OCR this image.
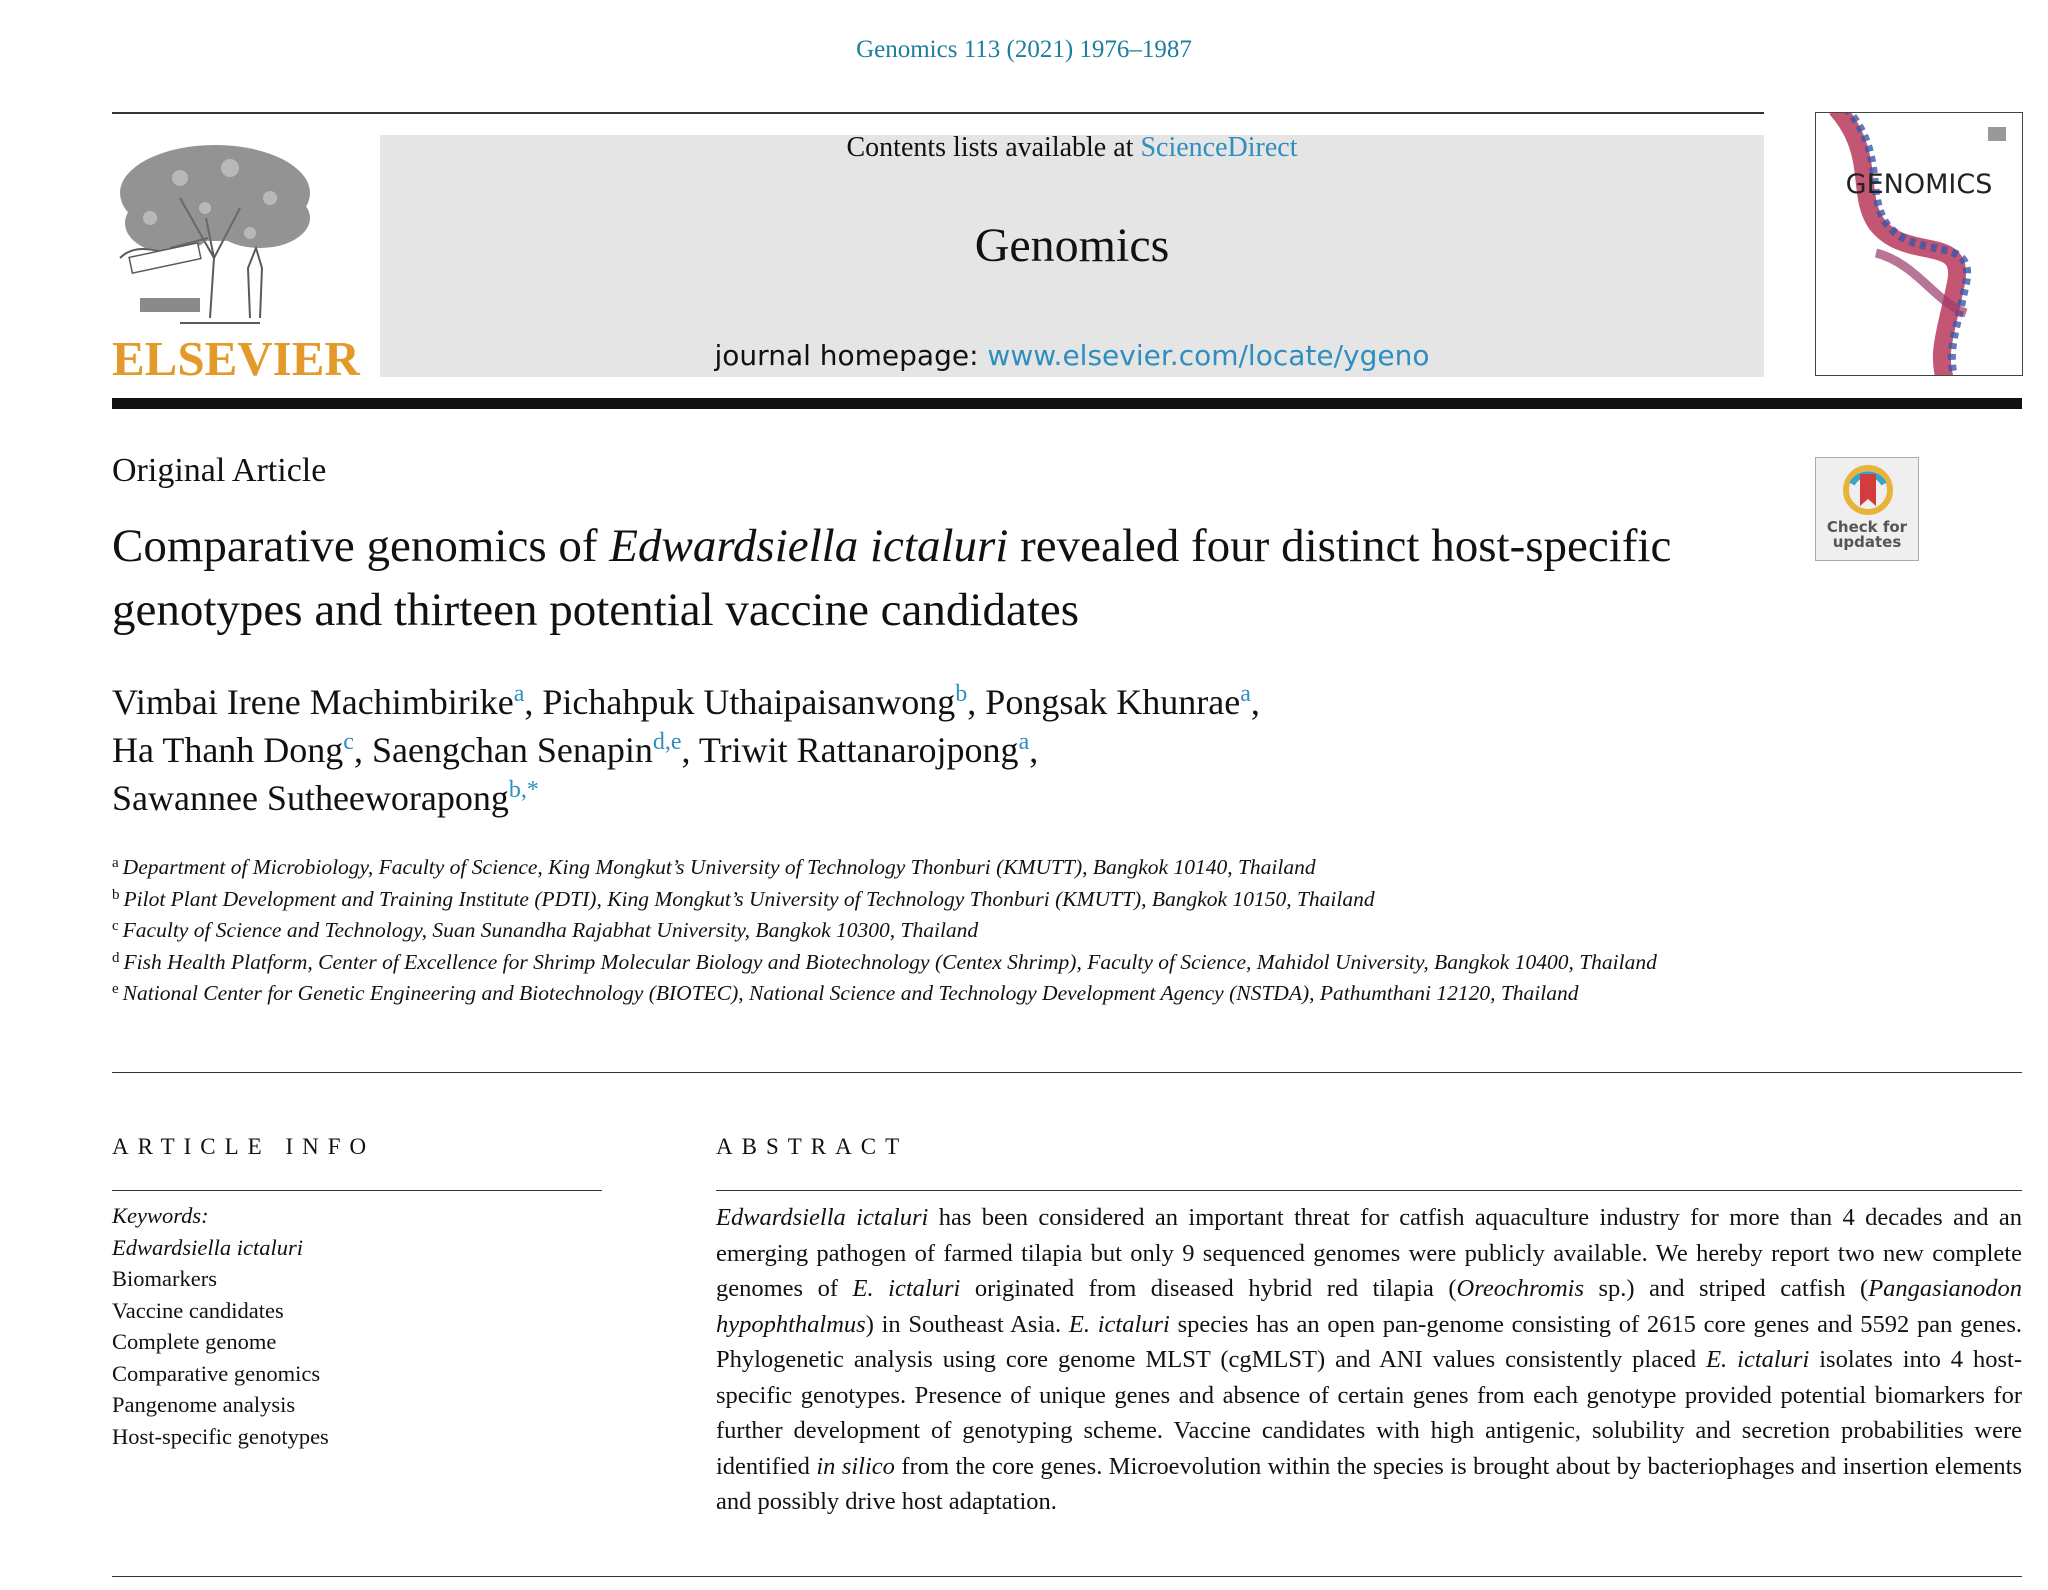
Genomics 113 (2021) 1976–1987
ELSEVIER
Contents lists available at ScienceDirect
Genomics
journal homepage: www.elsevier.com/locate/ygeno
GENOMICS
Original Article
Check for
updates
Comparative genomics of Edwardsiella ictaluri revealed four distinct host-specific genotypes and thirteen potential vaccine candidates
Vimbai Irene Machimbirike$^a$, Pichahpuk Uthaipaisanwong$^b$, Pongsak Khunrae$^a$,
Ha Thanh Dong$^c$, Saengchan Senapin$^{d,e}$, Triwit Rattanarojpong$^a$,
Sawannee Sutheeworapong$^{b,*}$
$^a$ Department of Microbiology, Faculty of Science, King Mongkut’s University of Technology Thonburi (KMUTT), Bangkok 10140, Thailand
$^b$ Pilot Plant Development and Training Institute (PDTI), King Mongkut’s University of Technology Thonburi (KMUTT), Bangkok 10150, Thailand
$^c$ Faculty of Science and Technology, Suan Sunandha Rajabhat University, Bangkok 10300, Thailand
$^d$ Fish Health Platform, Center of Excellence for Shrimp Molecular Biology and Biotechnology (Centex Shrimp), Faculty of Science, Mahidol University, Bangkok 10400, Thailand
$^e$ National Center for Genetic Engineering and Biotechnology (BIOTEC), National Science and Technology Development Agency (NSTDA), Pathumthani 12120, Thailand
ARTICLE INFO
Keywords:
Edwardsiella ictaluri
Biomarkers
Vaccine candidates
Complete genome
Comparative genomics
Pangenome analysis
Host-specific genotypes
ABSTRACT
Edwardsiella ictaluri has been considered an important threat for catfish aquaculture industry for more than 4 decades and an emerging pathogen of farmed tilapia but only 9 sequenced genomes were publicly available. We hereby report two new complete genomes of E. ictaluri originated from diseased hybrid red tilapia (Oreochromis sp.) and striped catfish (Pangasianodon hypophthalmus) in Southeast Asia. E. ictaluri species has an open pan-genome consisting of 2615 core genes and 5592 pan genes. Phylogenetic analysis using core genome MLST (cgMLST) and ANI values consistently placed E. ictaluri isolates into 4 host-specific genotypes. Presence of unique genes and absence of certain genes from each genotype provided potential biomarkers for further development of genotyping scheme. Vaccine candidates with high antigenic, solubility and secretion probabilities were identified in silico from the core genes. Microevolution within the species is brought about by bacteriophages and insertion elements and possibly drive host adaptation.
